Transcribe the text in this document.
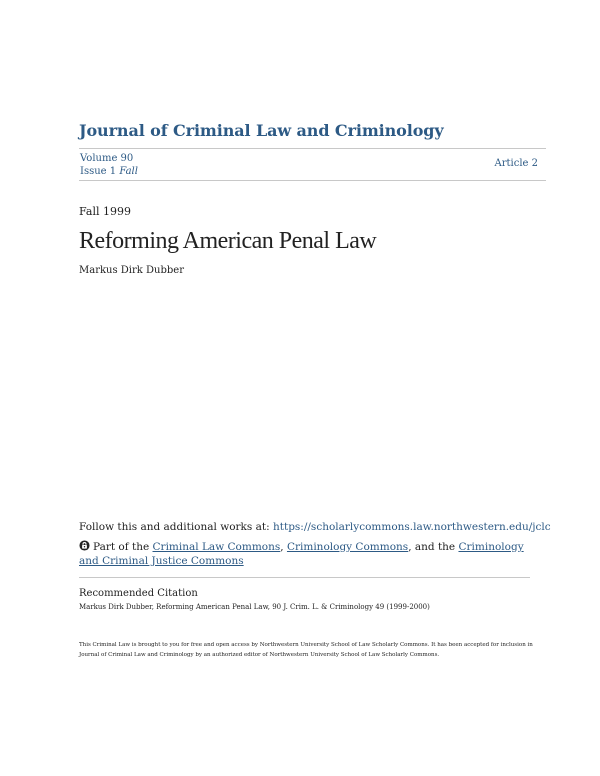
Journal of Criminal Law and Criminology
Volume 90
Issue 1 Fall
Article 2
Fall 1999
Reforming American Penal Law
Markus Dirk Dubber
Follow this and additional works at: https://scholarlycommons.law.northwestern.edu/jclc
Part of the Criminal Law Commons, Criminology Commons, and the Criminology and Criminal Justice Commons
Recommended Citation
Markus Dirk Dubber, Reforming American Penal Law, 90 J. Crim. L. & Criminology 49 (1999-2000)
This Criminal Law is brought to you for free and open access by Northwestern University School of Law Scholarly Commons. It has been accepted for inclusion in Journal of Criminal Law and Criminology by an authorized editor of Northwestern University School of Law Scholarly Commons.
